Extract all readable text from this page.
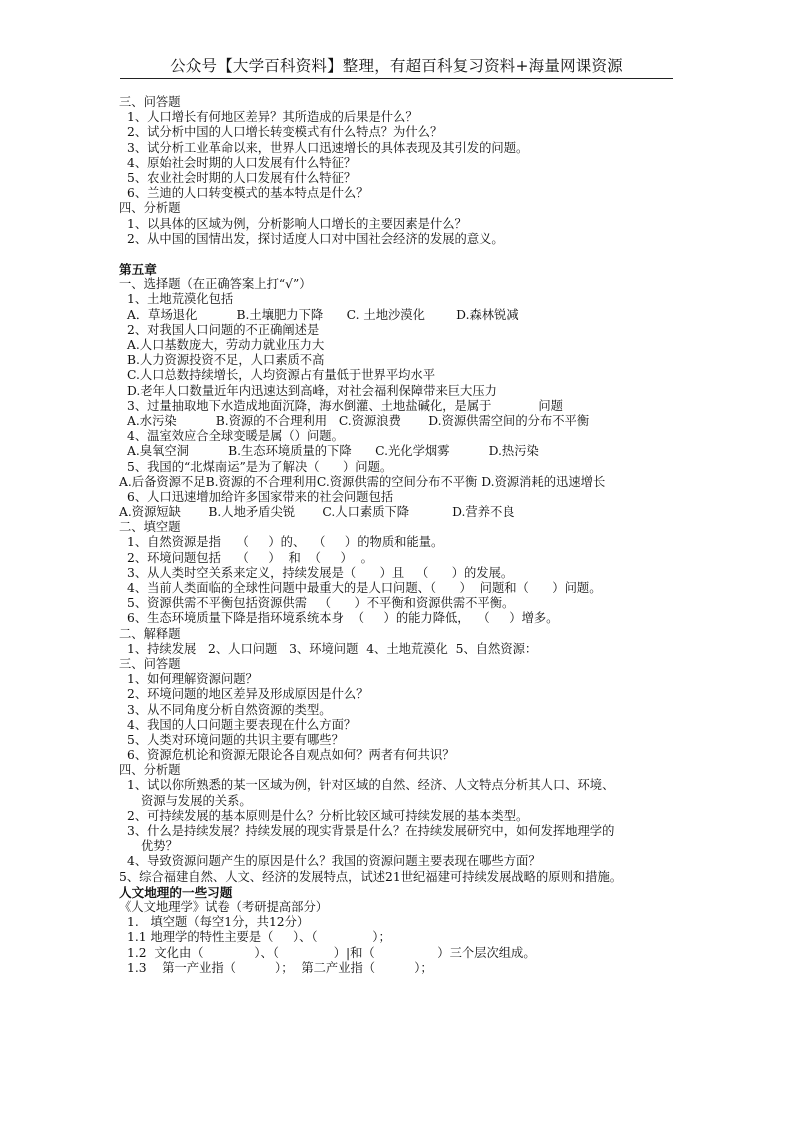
公众号【大学百科资料】整理，有超百科复习资料+海量网课资源
三、问答题
1、人口增长有何地区差异？其所造成的后果是什么？
2、试分析中国的人口增长转变模式有什么特点？为什么？
3、试分析工业革命以来，世界人口迅速增长的具体表现及其引发的问题。
4、原始社会时期的人口发展有什么特征？
5、农业社会时期的人口发展有什么特征？
6、兰迪的人口转变模式的基本特点是什么？
四、分析题
1、以具体的区域为例，分析影响人口增长的主要因素是什么？
2、从中国的国情出发，探讨适度人口对中国社会经济的发展的意义。
第五章
一、选择题（在正确答案上打“√”）
1、土地荒漠化包括
A．草场退化          B.土壤肥力下降      C. 土地沙漠化        D.森林锐减
2、对我国人口问题的不正确阐述是
A.人口基数庞大，劳动力就业压力大
B.人力资源投资不足，人口素质不高
C.人口总数持续增长，人均资源占有量低于世界平均水平
D.老年人口数量近年内迅速达到高峰，对社会福利保障带来巨大压力
3、过量抽取地下水造成地面沉降，海水倒灌、土地盐碱化，是属于            问题
A.水污染          B.资源的不合理利用   C.资源浪费       D.资源供需空间的分布不平衡
4、温室效应合全球变暖是属（）问题。
A.臭氧空洞          B.生态环境质量的下降      C.光化学烟雾          D.热污染
5、我国的“北煤南运”是为了解决（      ）问题。
A.后备资源不足B.资源的不合理利用C.资源供需的空间分布不平衡 D.资源消耗的迅速增长
6、人口迅速增加给许多国家带来的社会问题包括
A.资源短缺       B.人地矛盾尖锐       C.人口素质下降           D.营养不良
二、填空题
1、自然资源是指    （     ）的、  （     ）的物质和能量。
2、环境问题包括    （     ）  和  （     ）  。
3、从人类时空关系来定义，持续发展是（      ）且   （      ）的发展。
4、当前人类面临的全球性问题中最重大的是人口问题、（      ）  问题和（      ）问题。
5、资源供需不平衡包括资源供需   （      ）不平衡和资源供需不平衡。
6、生态环境质量下降是指环境系统本身  （     ）的能力降低，  （     ）增多。
二、解释题
1、持续发展   2、人口问题   3、环境问题  4、土地荒漠化  5、自然资源：
三、问答题
1、如何理解资源问题？
2、环境问题的地区差异及形成原因是什么？
3、从不同角度分析自然资源的类型。
4、我国的人口问题主要表现在什么方面？
5、人类对环境问题的共识主要有哪些？
6、资源危机论和资源无限论各自观点如何？两者有何共识？
四、分析题
1、试以你所熟悉的某一区域为例，针对区域的自然、经济、人文特点分析其人口、环境、
资源与发展的关系。
2、可持续发展的基本原则是什么？分析比较区域可持续发展的基本类型。
3、什么是持续发展？持续发展的现实背景是什么？在持续发展研究中，如何发挥地理学的
优势？
4、导致资源问题产生的原因是什么？我国的资源问题主要表现在哪些方面？
5、综合福建自然、人文、经济的发展特点，试述21世纪福建可持续发展战略的原则和措施。
人文地理的一些习题
《人文地理学》试卷（考研提高部分）
1.   填空题（每空1分，共12分）
1.1 地理学的特性主要是（     ）、（              ）；
1.2  文化由（             ）、（              ）|和（                ）三个层次组成。
1.3    第一产业指（          ）；  第二产业指（          ）；
